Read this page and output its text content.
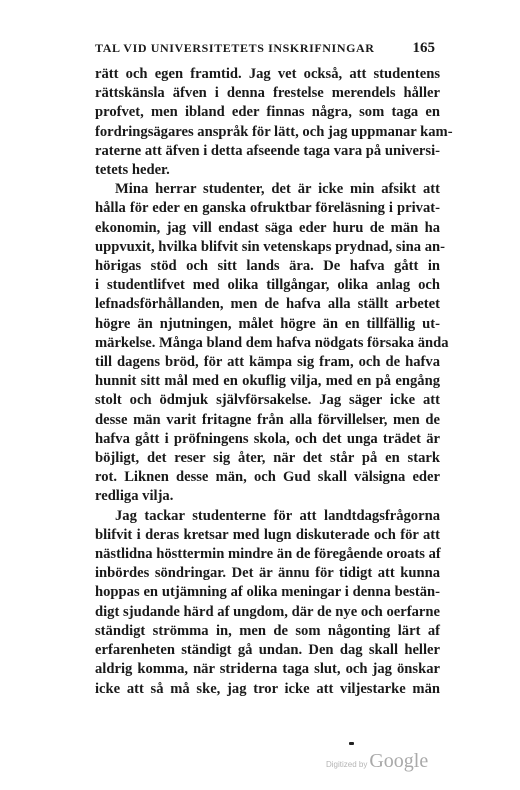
TAL VID UNIVERSITETETS INSKRIFNINGAR	165
rätt och egen framtid. Jag vet också, att studentens
rättskänsla äfven i denna frestelse merendels håller
profvet, men ibland eder finnas några, som taga en
fordringsägares anspråk för lätt, och jag uppmanar kam-
raterne att äfven i detta afseende taga vara på universi-
tetets heder.
Mina herrar studenter, det är icke min afsikt att
hålla för eder en ganska ofruktbar föreläsning i privat-
ekonomin, jag vill endast säga eder huru de män ha
uppvuxit, hvilka blifvit sin vetenskaps prydnad, sina an-
hörigas stöd och sitt lands ära. De hafva gått in
i studentlifvet med olika tillgångar, olika anlag och
lefnadsförhållanden, men de hafva alla ställt arbetet
högre än njutningen, målet högre än en tillfällig ut-
märkelse. Många bland dem hafva nödgats försaka ända
till dagens bröd, för att kämpa sig fram, och de hafva
hunnit sitt mål med en okuflig vilja, med en på engång
stolt och ödmjuk självförsakelse. Jag säger icke att
desse män varit fritagne från alla förvillelser, men de
hafva gått i pröfningens skola, och det unga trädet är
böjligt, det reser sig åter, när det står på en stark
rot. Liknen desse män, och Gud skall välsigna eder
redliga vilja.
Jag tackar studenterne för att landtdagsfrågorna
blifvit i deras kretsar med lugn diskuterade och för att
nästlidna hösttermin mindre än de föregående oroats af
inbördes söndringar. Det är ännu för tidigt att kunna
hoppas en utjämning af olika meningar i denna bestän-
digt sjudande härd af ungdom, där de nye och oerfarne
ständigt strömma in, men de som någonting lärt af
erfarenheten ständigt gå undan. Den dag skall heller
aldrig komma, när striderna taga slut, och jag önskar
icke att så må ske, jag tror icke att viljestarke män
Digitized by Google
